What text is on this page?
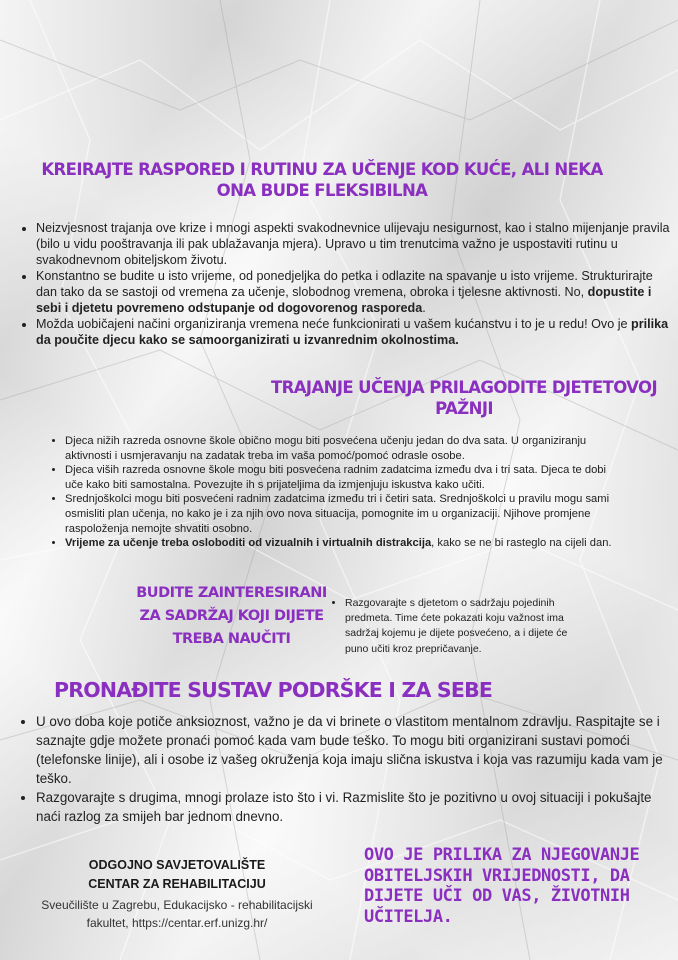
KREIRAJTE RASPORED I RUTINU ZA UČENJE KOD KUĆE, ALI NEKA ONA BUDE FLEKSIBILNA
• Neizvjesnost trajanja ove krize i mnogi aspekti svakodnevnice ulijevaju nesigurnost, kao i stalno mijenjanje pravila (bilo u vidu pooštravanja ili pak ublažavanja mjera). Upravo u tim trenutcima važno je uspostaviti rutinu u svakodnevnom obiteljskom životu.
• Konstantno se budite u isto vrijeme, od ponedjeljka do petka i odlazite na spavanje u isto vrijeme. Strukturirajte dan tako da se sastoji od vremena za učenje, slobodnog vremena, obroka i tjelesne aktivnosti. No, dopustite i sebi i djetetu povremeno odstupanje od dogovorenog rasporeda.
• Možda uobičajeni načini organiziranja vremena neće funkcionirati u vašem kućanstvu i to je u redu! Ovo je prilika da poučite djecu kako se samoorganizirati u izvanrednim okolnostima.
TRAJANJE UČENJA PRILAGODITE DJETETOVOJ PAŽNJI
• Djeca nižih razreda osnovne škole obično mogu biti posvećena učenju jedan do dva sata. U organiziranju aktivnosti i usmjeravanju na zadatak treba im vaša pomoć/pomoć odrasle osobe.
• Djeca viših razreda osnovne škole mogu biti posvećena radnim zadatcima između dva i tri sata. Djeca te dobi uče kako biti samostalna. Povezujte ih s prijateljima da izmjenjuju iskustva kako učiti.
• Srednjoškolci mogu biti posvećeni radnim zadatcima između tri i četiri sata. Srednjoškolci u pravilu mogu sami osmisliti plan učenja, no kako je i za njih ovo nova situacija, pomognite im u organizaciji. Njihove promjene raspoloženja nemojte shvatiti osobno.
• Vrijeme za učenje treba osloboditi od vizualnih i virtualnih distrakcija, kako se ne bi rasteglo na cijeli dan.
BUDITE ZAINTERESIRANI ZA SADRŽAJ KOJI DIJETE TREBA NAUČITI
• Razgovarajte s djetetom o sadržaju pojedinih predmeta. Time ćete pokazati koju važnost ima sadržaj kojemu je dijete posvećeno, a i dijete će puno učiti kroz prepričavanje.
PRONAĐITE SUSTAV PODRŠKE I ZA SEBE
• U ovo doba koje potiče anksioznost, važno je da vi brinete o vlastitom mentalnom zdravlju. Raspitajte se i saznajte gdje možete pronaći pomoć kada vam bude teško. To mogu biti organizirani sustavi pomoći (telefonske linije), ali i osobe iz vašeg okruženja koja imaju slična iskustva i koja vas razumiju kada vam je teško.
• Razgovarajte s drugima, mnogi prolaze isto što i vi. Razmislite što je pozitivno u ovoj situaciji i pokušajte naći razlog za smijeh bar jednom dnevno.
ODGOJNO SAVJETOVALIŠTE
CENTAR ZA REHABILITACIJU
Sveučilište u Zagrebu, Edukacijsko - rehabilitacijski fakultet, https://centar.erf.unizg.hr/

OVO JE PRILIKA ZA NJEGOVANJE OBITELJSKIH VRIJEDNOSTI, DA DIJETE UČI OD VAS, ŽIVOTNIH UČITELJA.
